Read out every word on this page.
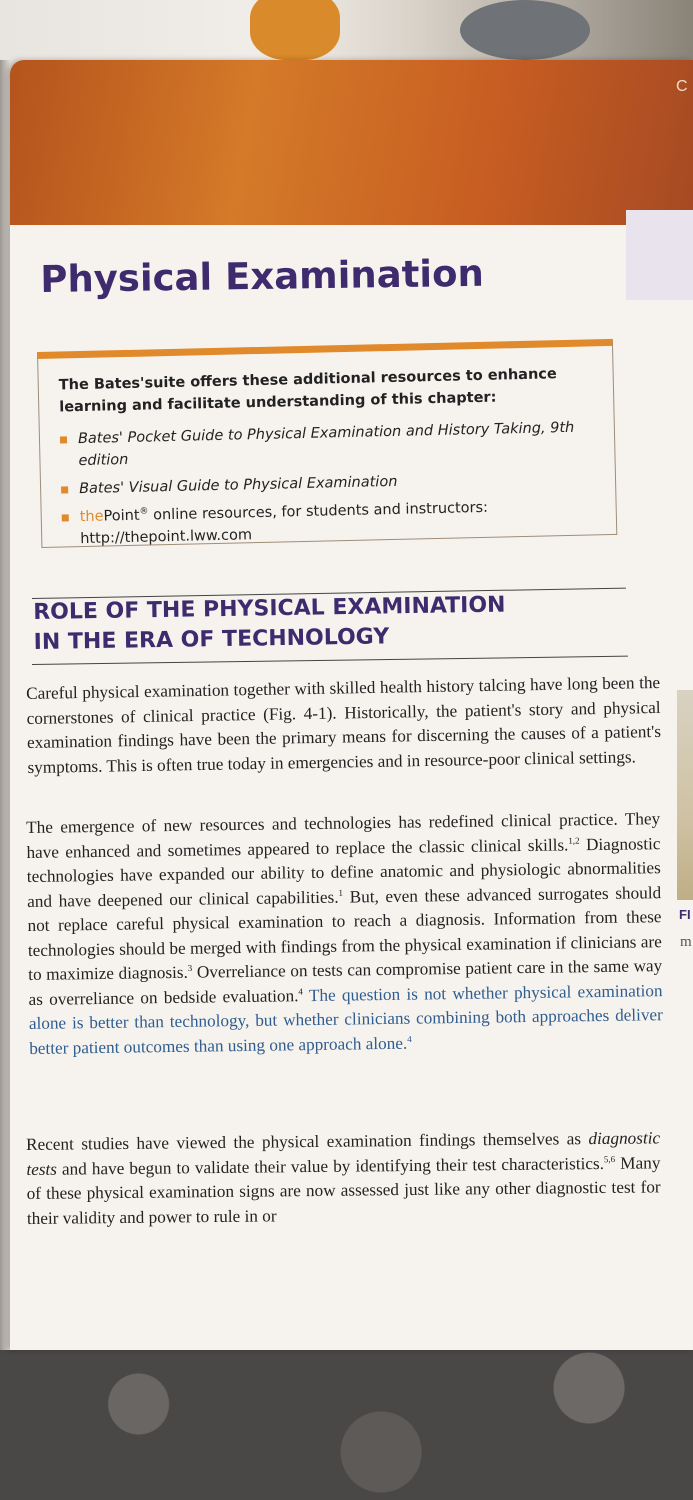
C
Physical Examination

The Bates'suite offers these additional resources to enhance learning and facilitate understanding of this chapter:

Bates' Pocket Guide to Physical Examination and History Taking, 9th edition
Bates' Visual Guide to Physical Examination
thePoint® online resources, for students and instructors: http://thepoint.lww.com
ROLE OF THE PHYSICAL EXAMINATION
IN THE ERA OF TECHNOLOGY

Careful physical examination together with skilled health history talcing have long been the cornerstones of clinical practice (Fig. 4-1). Historically, the patient's story and physical examination findings have been the primary means for discerning the causes of a patient's symptoms. This is often true today in emergencies and in resource-poor clinical settings.

The emergence of new resources and technologies has redefined clinical practice. They have enhanced and sometimes appeared to replace the classic clinical skills.$^{1,2}$ Diagnostic technologies have expanded our ability to define anatomic and physiologic abnormalities and have deepened our clinical capabilities.$^1$ But, even these advanced surrogates should not replace careful physical examination to reach a diagnosis. Information from these technologies should be merged with findings from the physical examination if clinicians are to maximize diagnosis.$^3$ Overreliance on tests can compromise patient care in the same way as overreliance on bedside evaluation.$^4$ The question is not whether physical examination alone is better than technology, but whether clinicians combining both approaches deliver better patient outcomes than using one approach alone.$^4$

Recent studies have viewed the physical examination findings themselves as diagnostic tests and have begun to validate their value by identifying their test characteristics.$^{5,6}$ Many of these physical examination signs are now assessed just like any other diagnostic test for their validity and power to rule in or

FI
m
